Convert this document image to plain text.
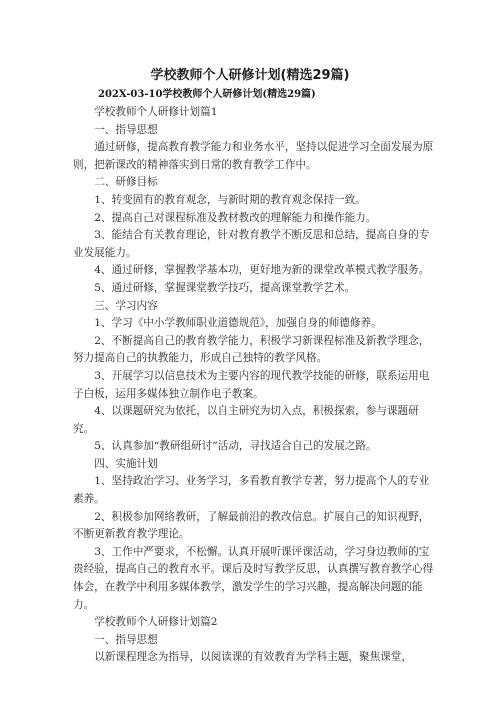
学校教师个人研修计划(精选29篇)
202X-03-10学校教师个人研修计划(精选29篇)

学校教师个人研修计划篇1

一、指导思想

通过研修，提高教育教学能力和业务水平，坚持以促进学习全面发展为原则，把新课改的精神落实到日常的教育教学工作中。

二、研修目标

1、转变固有的教育观念，与新时期的教育观念保持一致。

2、提高自己对课程标准及教材教改的理解能力和操作能力。

3、能结合有关教育理论，针对教育教学不断反思和总结，提高自身的专业发展能力。

4、通过研修，掌握教学基本功，更好地为新的课堂改革模式教学服务。

5、通过研修，掌握课堂教学技巧，提高课堂教学艺术。

三、学习内容

1、学习《中小学教师职业道德规范》，加强自身的师德修养。

2、不断提高自己的教育教学能力，积极学习新课程标准及新教学理念，努力提高自己的执教能力，形成自己独特的教学风格。

3、开展学习以信息技术为主要内容的现代教学技能的研修，联系运用电子白板，运用多媒体独立制作电子教案。

4、以课题研究为依托，以自主研究为切入点，积极探索，参与课题研究。

5、认真参加“教研组研讨”活动，寻找适合自己的发展之路。

四、实施计划

1、坚持政治学习、业务学习，多看教育教学专著，努力提高个人的专业素养。

2、积极参加网络教研，了解最前沿的教改信息。扩展自己的知识视野，不断更新教育教学理论。

3、工作中严要求，不松懈。认真开展听课评课活动，学习身边教师的宝贵经验，提高自己的教育水平。课后及时写教学反思，认真撰写教育教学心得体会，在教学中利用多媒体教学，激发学生的学习兴趣，提高解决问题的能力。

学校教师个人研修计划篇2

一、指导思想

以新课程理念为指导，以阅读课的有效教育为学科主题，聚焦课堂，
